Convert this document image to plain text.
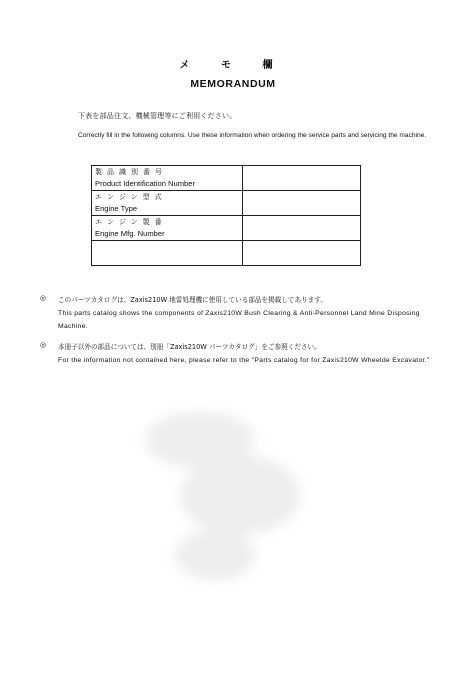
メ モ 欄
MEMORANDUM
下表を部品注文、機械管理等にご利用ください。
Correctly fill in the following columns. Use these information when ordering the service parts and servicing the machine.
製品識別番号
Product Identification Number	

エンジン型式
Engine Type	

エンジン製番
Engine Mfg. Number	

◎ このパーツカタログは、Zaxis210W 地雷処理機に使用している部品を掲載してあります。
This parts catalog shows the components of Zaxis210W Bush Clearing & Anti-Personnel Land Mine Disposing Machine.
◎ 本冊子以外の部品については、別冊「Zaxis210W パーツカタログ」をご参照ください。
For the information not contained here, please refer to the "Parts catalog for for Zaxis210W Wheelde Excavator."
